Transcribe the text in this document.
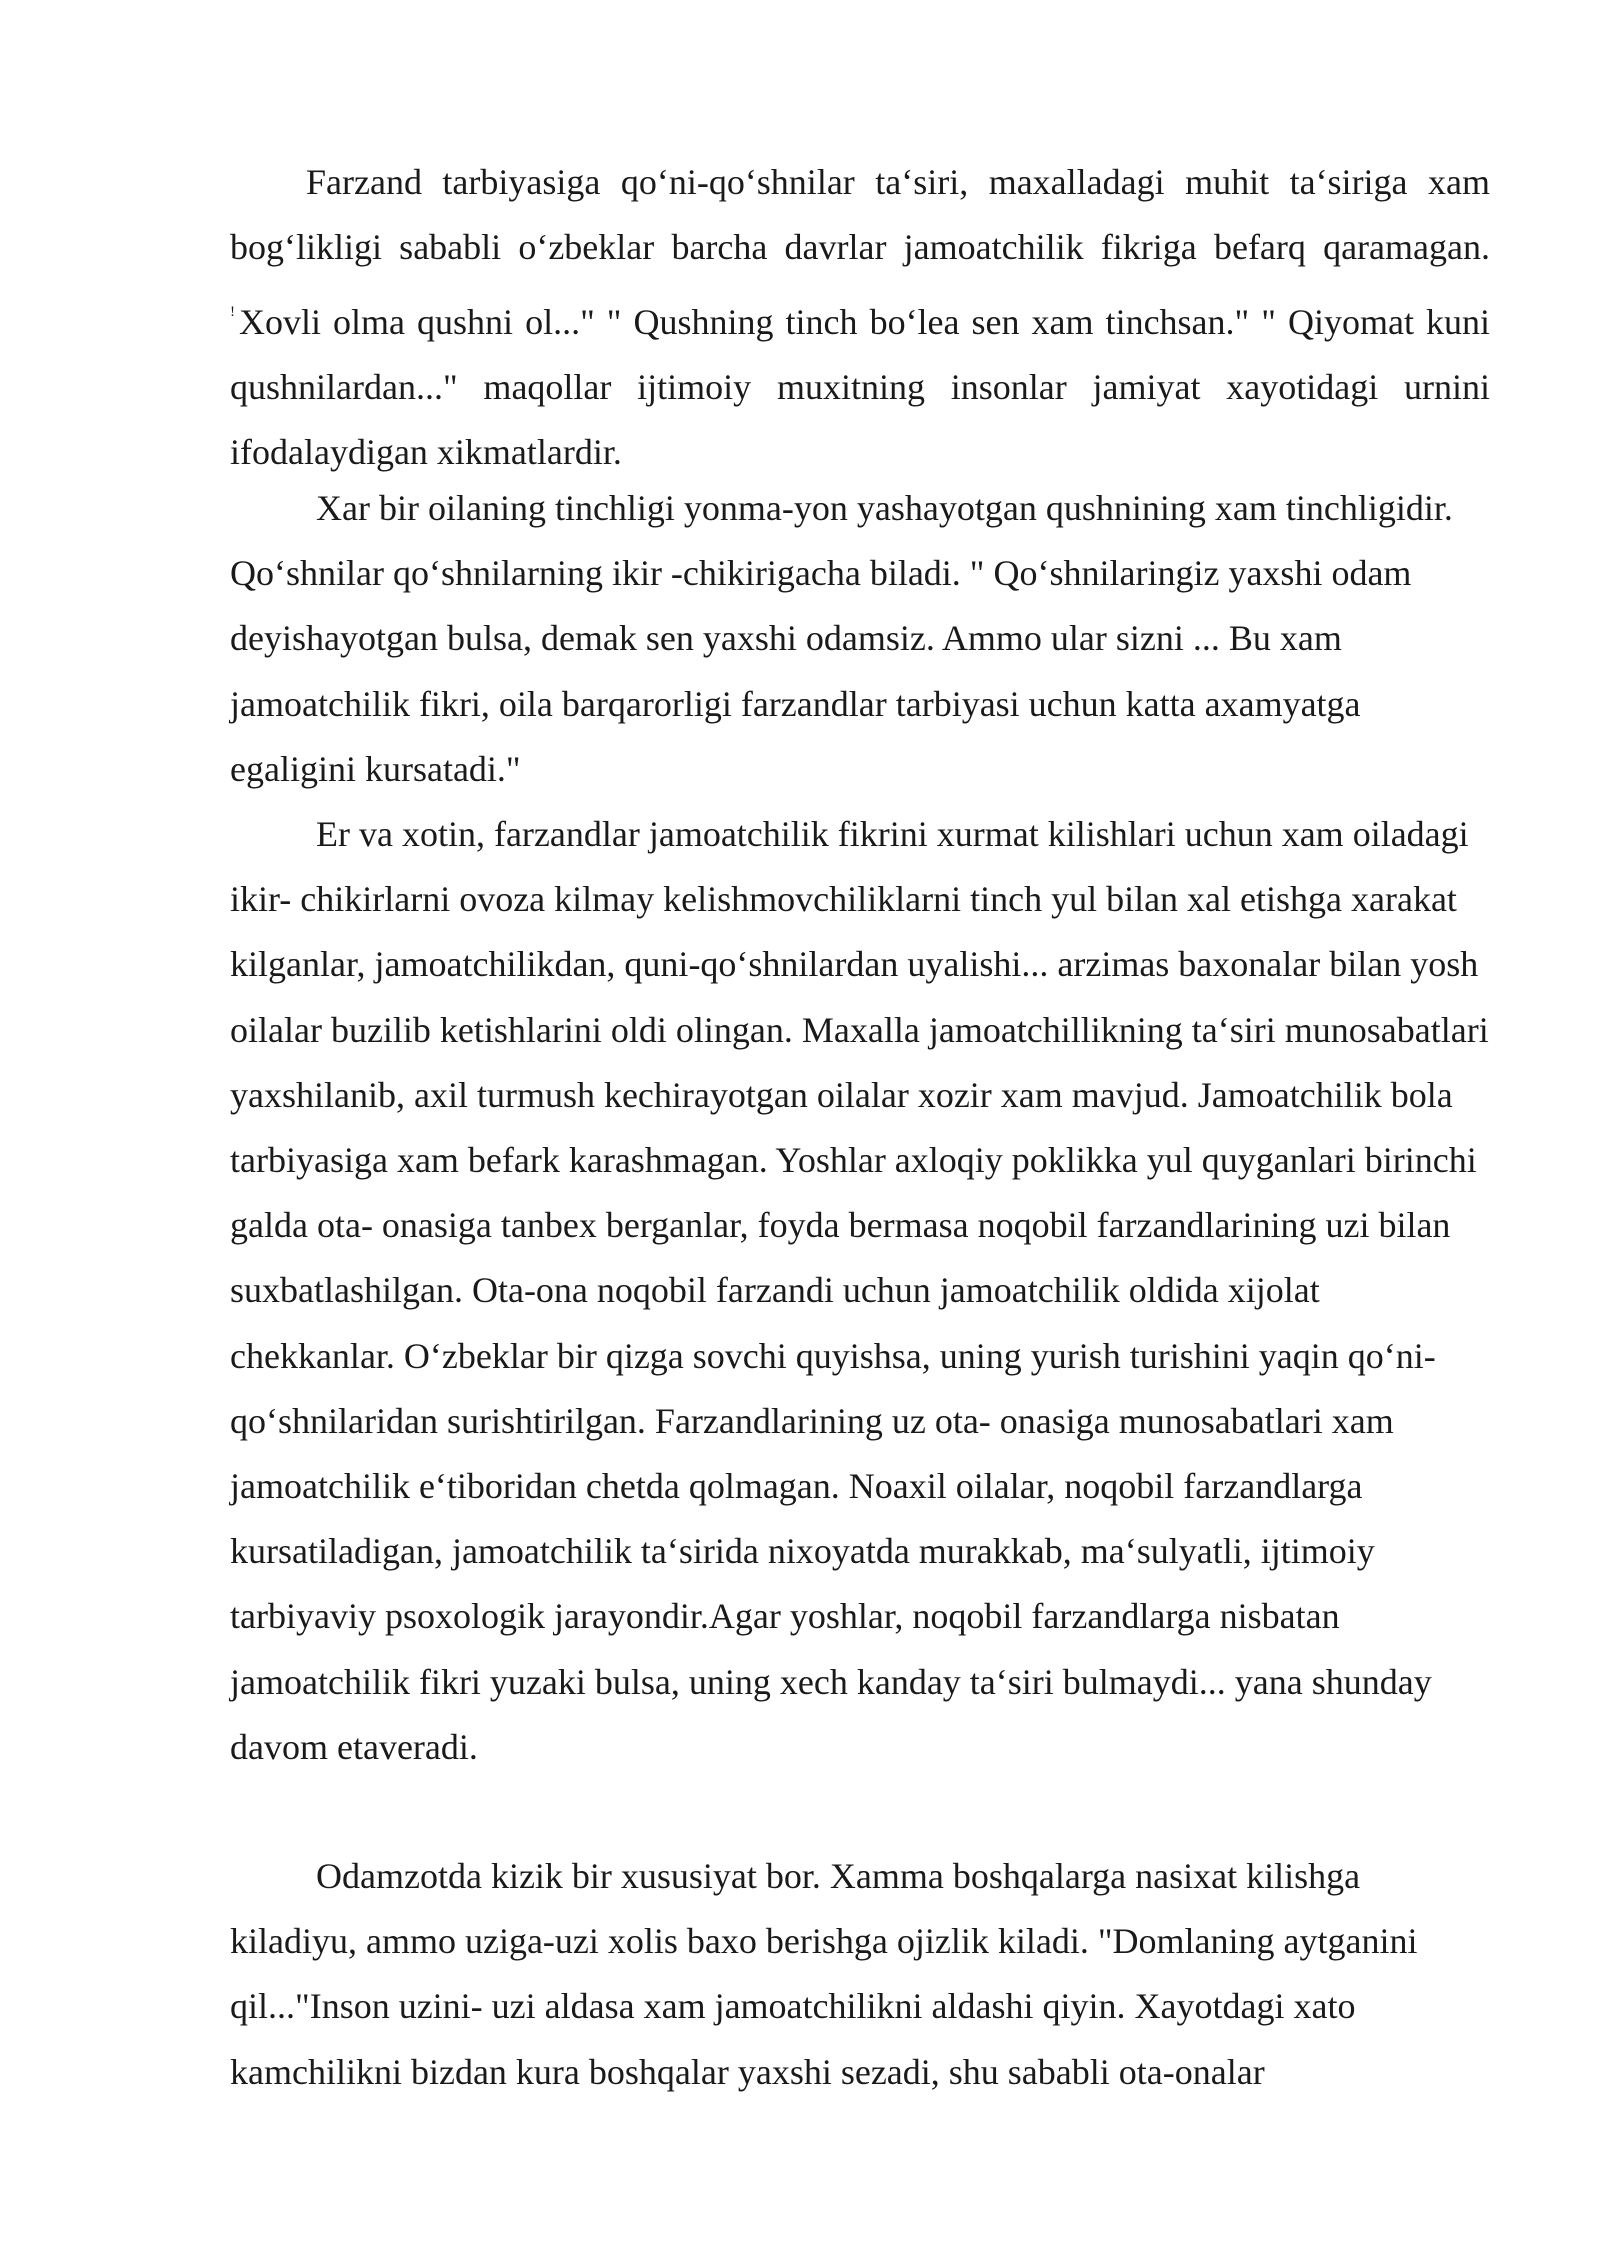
Farzand tarbiyasiga qo‘ni-qo‘shnilar ta‘siri, maxalladagi muhit ta‘siriga xam bog‘likligi sababli o‘zbeklar barcha davrlar jamoatchilik fikriga befarq qaramagan. ! Xovli olma qushni ol..." " Qushning tinch bo‘lea sen xam tinchsan." " Qiyomat kuni qushnilardan..." maqollar ijtimoiy muxitning insonlar jamiyat xayotidagi urnini ifodalaydigan xikmatlardir.

Xar bir oilaning tinchligi yonma-yon yashayotgan qushnining xam tinchligidir. Qo‘shnilar qo‘shnilarning ikir -chikirigacha biladi. " Qo‘shnilaringiz yaxshi odam deyishayotgan bulsa, demak sen yaxshi odamsiz. Ammo ular sizni ... Bu xam jamoatchilik fikri, oila barqarorligi farzandlar tarbiyasi uchun katta axamyatga egaligini kursatadi."

Er va xotin, farzandlar jamoatchilik fikrini xurmat kilishlari uchun xam oiladagi ikir- chikirlarni ovoza kilmay kelishmovchiliklarni tinch yul bilan xal etishga xarakat kilganlar, jamoatchilikdan, quni-qo‘shnilardan uyalishi... arzimas baxonalar bilan yosh oilalar buzilib ketishlarini oldi olingan. Maxalla jamoatchillikning ta‘siri munosabatlari yaxshilanib, axil turmush kechirayotgan oilalar xozir xam mavjud. Jamoatchilik bola tarbiyasiga xam befark karashmagan. Yoshlar axloqiy poklikka yul quyganlari birinchi galda ota- onasiga tanbex berganlar, foyda bermasa noqobil farzandlarining uzi bilan suxbatlashilgan. Ota-ona noqobil farzandi uchun jamoatchilik oldida xijolat chekkanlar. O‘zbeklar bir qizga sovchi quyishsa, uning yurish turishini yaqin qo‘ni-qo‘shnilaridan surishtirilgan. Farzandlarining uz ota- onasiga munosabatlari xam jamoatchilik e‘tiboridan chetda qolmagan. Noaxil oilalar, noqobil farzandlarga kursatiladigan, jamoatchilik ta‘sirida nixoyatda murakkab, ma‘sulyatli, ijtimoiy tarbiyaviy psoxologik jarayondir.Agar yoshlar, noqobil farzandlarga nisbatan jamoatchilik fikri yuzaki bulsa, uning xech kanday ta‘siri bulmaydi... yana shunday davom etaveradi.

Odamzotda kizik bir xususiyat bor. Xamma boshqalarga nasixat kilishga kiladiyu, ammo uziga-uzi xolis baxo berishga ojizlik kiladi. "Domlaning aytganini qil..."Inson uzini- uzi aldasa xam jamoatchilikni aldashi qiyin. Xayotdagi xato kamchilikni bizdan kura boshqalar yaxshi sezadi, shu sababli ota-onalar
